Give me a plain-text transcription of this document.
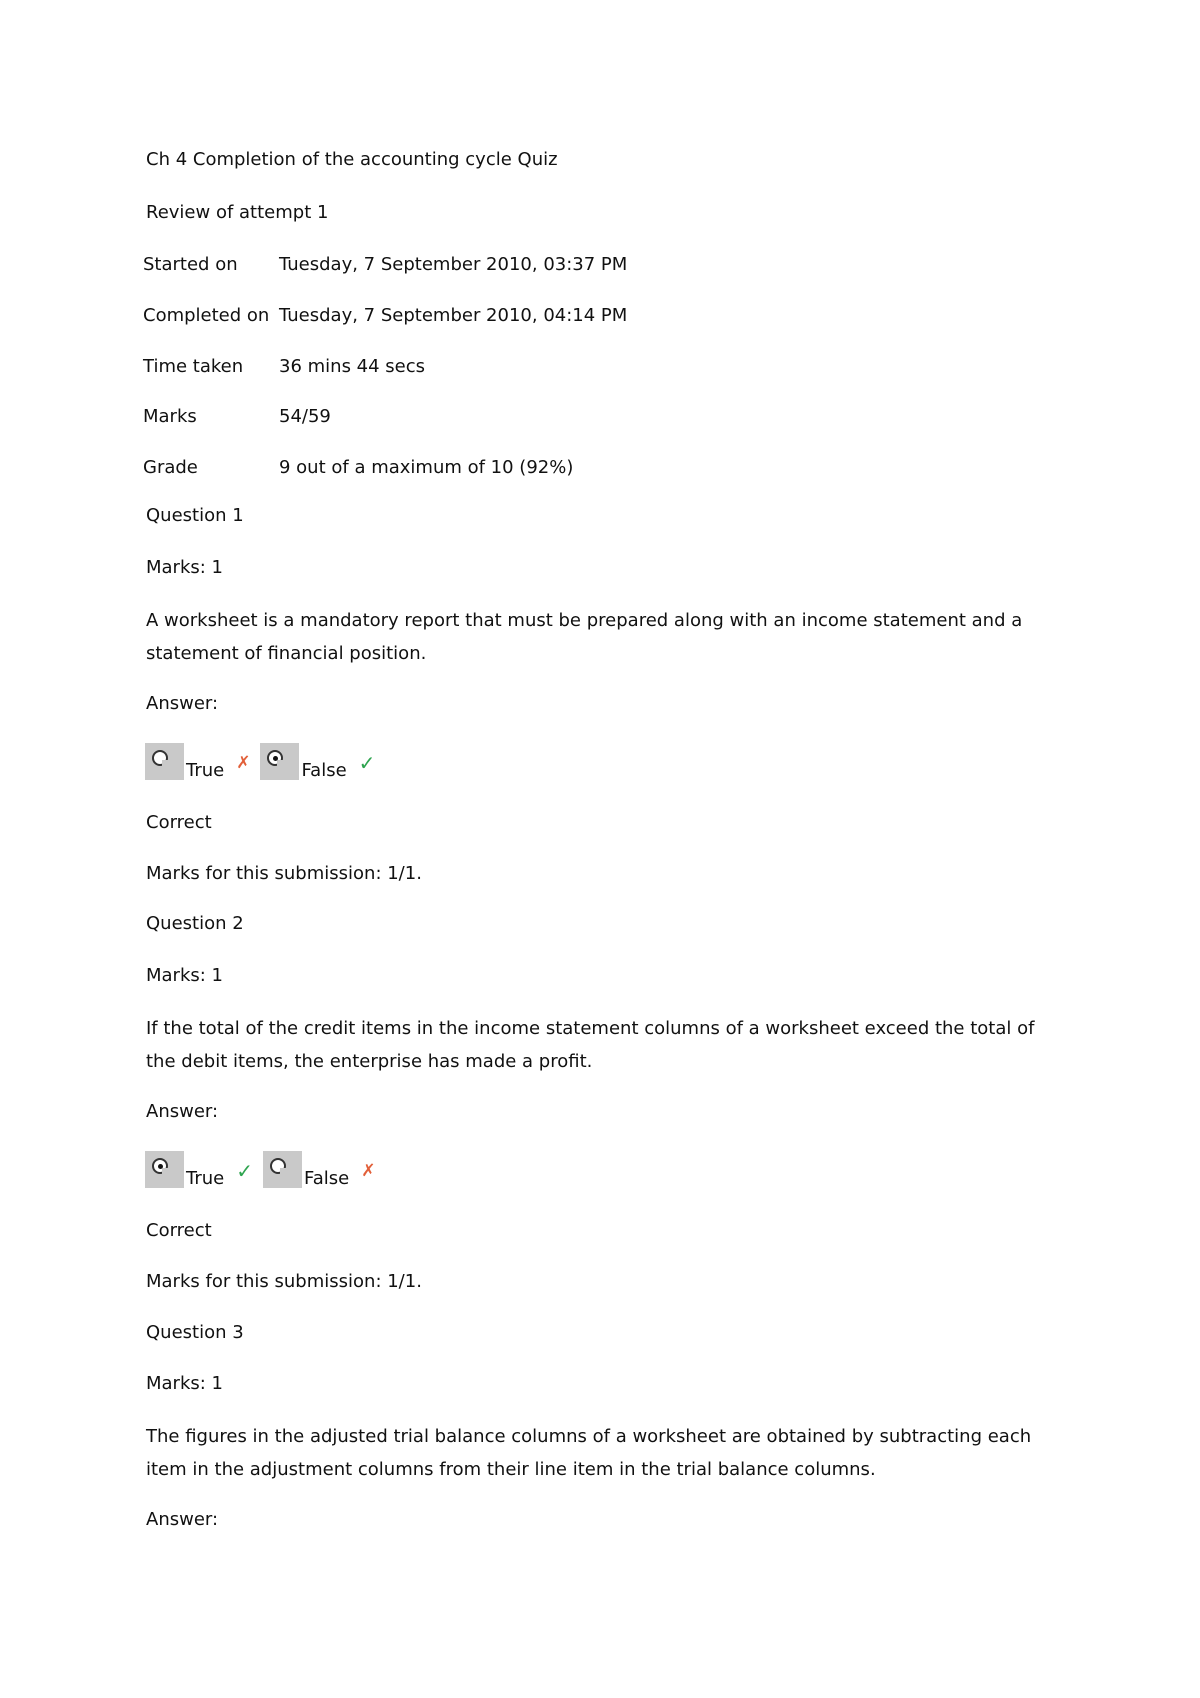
Ch 4 Completion of the accounting cycle Quiz
Review of attempt 1
Started on Tuesday, 7 September 2010, 03:37 PM
Completed on Tuesday, 7 September 2010, 04:14 PM
Time taken 36 mins 44 secs
Marks	54/59
Grade	9 out of a maximum of 10 (92%)
Question 1
Marks: 1
A worksheet is a mandatory report that must be prepared along with an income statement and a statement of financial position.
Answer:
True ✗	False ✓
Correct
Marks for this submission: 1/1.
Question 2
Marks: 1
If the total of the credit items in the income statement columns of a worksheet exceed the total of the debit items, the enterprise has made a profit.
Answer:
True ✓	False ✗
Correct
Marks for this submission: 1/1.
Question 3
Marks: 1
The figures in the adjusted trial balance columns of a worksheet are obtained by subtracting each item in the adjustment columns from their line item in the trial balance columns.
Answer:
